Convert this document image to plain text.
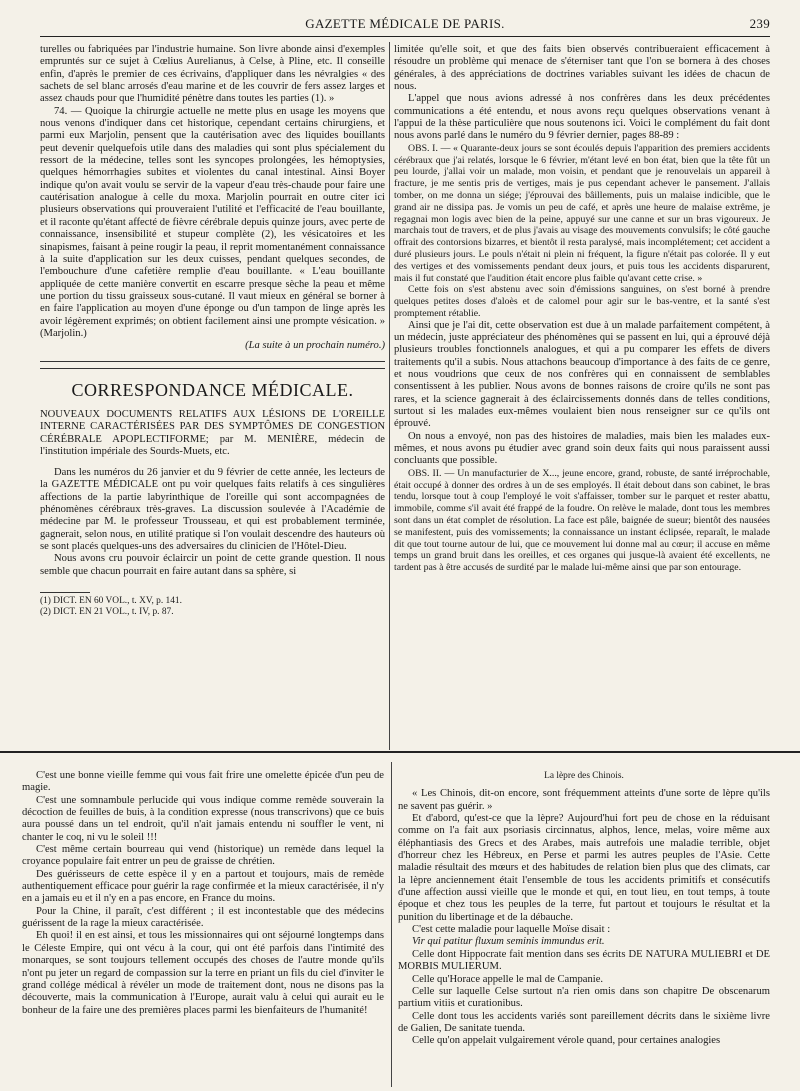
GAZETTE MÉDICALE DE PARIS.	239

turelles ou fabriquées par l'industrie humaine. Son livre abonde ainsi d'exemples empruntés sur ce sujet à Cœlius Aurelianus, à Celse, à Pline, etc. Il conseille enfin, d'après le premier de ces écrivains, d'appliquer dans les névralgies « des sachets de sel blanc arrosés d'eau marine et de les couvrir de fers assez larges et assez chauds pour que l'humidité pénètre dans toutes les parties (1). »

74. — Quoique la chirurgie actuelle ne mette plus en usage les moyens que nous venons d'indiquer dans cet historique, cependant certains chirurgiens, et parmi eux Marjolin, pensent que la cautérisation avec des liquides bouillants peut devenir quelquefois utile dans des maladies qui sont plus spécialement du ressort de la médecine, telles sont les syncopes prolongées, les hémoptysies, quelques hémorrhagies subites et violentes du canal intestinal. Ainsi Boyer indique qu'on avait voulu se servir de la vapeur d'eau très-chaude pour faire une cautérisation analogue à celle du moxa. Marjolin pourrait en outre citer ici plusieurs observations qui prouveraient l'utilité et l'efficacité de l'eau bouillante, et il raconte qu'étant affecté de fièvre cérébrale depuis quinze jours, avec perte de connaissance, insensibilité et stupeur complète (2), les vésicatoires et les sinapismes, faisant à peine rougir la peau, il reprit momentanément connaissance à la suite d'application sur les deux cuisses, pendant quelques secondes, de l'embouchure d'une cafetière remplie d'eau bouillante. « L'eau bouillante appliquée de cette manière convertit en escarre presque sèche la peau et même une portion du tissu graisseux sous-cutané. Il vaut mieux en général se borner à en faire l'application au moyen d'une éponge ou d'un tampon de linge après les avoir légèrement exprimés; on obtient facilement ainsi une prompte vésication. » (Marjolin.)

(La suite à un prochain numéro.)

CORRESPONDANCE MÉDICALE.
NOUVEAUX DOCUMENTS RELATIFS AUX LÉSIONS DE L'OREILLE INTERNE CARACTÉRISÉES PAR DES SYMPTÔMES DE CONGESTION CÉRÉBRALE APOPLECTIFORME; par M. MENIÈRE, médecin de l'institution impériale des Sourds-Muets, etc.

Dans les numéros du 26 janvier et du 9 février de cette année, les lecteurs de la GAZETTE MÉDICALE ont pu voir quelques faits relatifs à ces singulières affections de la partie labyrinthique de l'oreille qui sont accompagnées de phénomènes cérébraux très-graves. La discussion soulevée à l'Académie de médecine par M. le professeur Trousseau, et qui est probablement terminée, gagnerait, selon nous, en utilité pratique si l'on voulait descendre des hauteurs où se sont placés quelques-uns des adversaires du clinicien de l'Hôtel-Dieu.

Nous avons cru pouvoir éclaircir un point de cette grande question. Il nous semble que chacun pourrait en faire autant dans sa sphère, si

(1) DICT. EN 60 VOL., t. XV, p. 141.
(2) DICT. EN 21 VOL., t. IV, p. 87.

limitée qu'elle soit, et que des faits bien observés contribueraient efficacement à résoudre un problème qui menace de s'éterniser tant que l'on se bornera à des choses générales, à des appréciations de doctrines variables suivant les idées de chacun de nous.

L'appel que nous avions adressé à nos confrères dans les deux précédentes communications a été entendu, et nous avons reçu quelques observations venant à l'appui de la thèse particulière que nous soutenons ici. Voici le complément du fait dont nous avons parlé dans le numéro du 9 février dernier, pages 88-89 :

OBS. I. — « Quarante-deux jours se sont écoulés depuis l'apparition des premiers accidents cérébraux que j'ai relatés, lorsque le 6 février, m'étant levé en bon état, bien que la tête fût un peu lourde, j'allai voir un malade, mon voisin, et pendant que je renouvelais un appareil à fracture, je me sentis pris de vertiges, mais je pus cependant achever le pansement. J'allais tomber, on me donna un siége; j'éprouvai des bâillements, puis un malaise indicible, que le grand air ne dissipa pas. Je vomis un peu de café, et après une heure de malaise extrême, je regagnai mon logis avec bien de la peine, appuyé sur une canne et sur un bras vigoureux. Je marchais tout de travers, et de plus j'avais au visage des mouvements convulsifs; le côté gauche offrait des contorsions bizarres, et bientôt il resta paralysé, mais incomplétement; cet accident a duré plusieurs jours. Le pouls n'était ni plein ni fréquent, la figure n'était pas colorée. Il y eut des vertiges et des vomissements pendant deux jours, et puis tous les accidents disparurent, mais il fut constaté que l'audition était encore plus faible qu'avant cette crise. »

Cette fois on s'est abstenu avec soin d'émissions sanguines, on s'est borné à prendre quelques petites doses d'aloès et de calomel pour agir sur le bas-ventre, et la santé s'est promptement rétablie.

Ainsi que je l'ai dit, cette observation est due à un malade parfaitement compétent, à un médecin, juste appréciateur des phénomènes qui se passent en lui, qui a éprouvé déjà plusieurs troubles fonctionnels analogues, et qui a pu comparer les effets de divers traitements qu'il a subis. Nous attachons beaucoup d'importance à des faits de ce genre, et nous voudrions que ceux de nos confrères qui en connaissent de semblables consentissent à les publier. Nous avons de bonnes raisons de croire qu'ils ne sont pas rares, et la science gagnerait à des éclaircissements donnés dans de telles conditions, surtout si les malades eux-mêmes voulaient bien nous renseigner sur ce qu'ils ont éprouvé.

On nous a envoyé, non pas des histoires de maladies, mais bien les malades eux-mêmes, et nous avons pu étudier avec grand soin deux faits qui nous paraissent aussi concluants que possible.

OBS. II. — Un manufacturier de X..., jeune encore, grand, robuste, de santé irréprochable, était occupé à donner des ordres à un de ses employés. Il était debout dans son cabinet, le bras tendu, lorsque tout à coup l'employé le voit s'affaisser, tomber sur le parquet et rester abattu, immobile, comme s'il avait été frappé de la foudre. On relève le malade, dont tous les membres sont dans un état complet de résolution. La face est pâle, baignée de sueur; bientôt des nausées se manifestent, puis des vomissements; la connaissance un instant éclipsée, reparaît, le malade dit que tout tourne autour de lui, que ce mouvement lui donne mal au cœur; il accuse en même temps un grand bruit dans les oreilles, et ces organes qui jusque-là avaient été excellents, ne tardent pas à être accusés de surdité par le malade lui-même ainsi que par son entourage.

C'est une bonne vieille femme qui vous fait frire une omelette épicée d'un peu de magie.

C'est une somnambule perlucide qui vous indique comme remède souverain la décoction de feuilles de buis, à la condition expresse (nous transcrivons) que ce buis aura poussé dans un tel endroit, qu'il n'ait jamais entendu ni souffler le vent, ni chanter le coq, ni vu le soleil !!!

C'est même certain bourreau qui vend (historique) un remède dans lequel la croyance populaire fait entrer un peu de graisse de chrétien.

Des guérisseurs de cette espèce il y en a partout et toujours, mais de remède authentiquement efficace pour guérir la rage confirmée et la mieux caractérisée, il n'y en a jamais eu et il n'y en a pas encore, en France du moins.

Pour la Chine, il paraît, c'est différent ; il est incontestable que des médecins guérissent de la rage la mieux caractérisée.

Eh quoi! il en est ainsi, et tous les missionnaires qui ont séjourné longtemps dans le Céleste Empire, qui ont vécu à la cour, qui ont été parfois dans l'intimité des monarques, se sont toujours tellement occupés des choses de l'autre monde qu'ils n'ont pu jeter un regard de compassion sur la terre en priant un fils du ciel d'inviter le grand collége médical à révéler un mode de traitement dont, nous ne disons pas la découverte, mais la communication à l'Europe, aurait valu à celui qui aurait eu le bonheur de la faire une des premières places parmi les bienfaiteurs de l'humanité!

La lèpre des Chinois.

« Les Chinois, dit-on encore, sont fréquemment atteints d'une sorte de lèpre qu'ils ne savent pas guérir. »

Et d'abord, qu'est-ce que la lèpre? Aujourd'hui fort peu de chose en la réduisant comme on l'a fait aux psoriasis circinnatus, alphos, lence, melas, voire même aux éléphantiasis des Grecs et des Arabes, mais autrefois une maladie terrible, objet d'horreur chez les Hébreux, en Perse et parmi les autres peuples de l'Asie. Cette maladie résultait des mœurs et des habitudes de relation bien plus que des climats, car la lèpre anciennement était l'ensemble de tous les accidents primitifs et consécutifs d'une affection aussi vieille que le monde et qui, en tout lieu, en tout temps, à toute époque et chez tous les peuples de la terre, fut partout et toujours le résultat et la punition du libertinage et de la débauche.

C'est cette maladie pour laquelle Moïse disait :

Vir qui patitur fluxum seminis immundus erit.

Celle dont Hippocrate fait mention dans ses écrits DE NATURA MULIEBRI et DE MORBIS MULIERUM.

Celle qu'Horace appelle le mal de Campanie.

Celle sur laquelle Celse surtout n'a rien omis dans son chapitre De obscenarum partium vitiis et curationibus.

Celle dont tous les accidents variés sont pareillement décrits dans le sixième livre de Galien, De sanitate tuenda.

Celle qu'on appelait vulgairement vérole quand, pour certaines analogies
